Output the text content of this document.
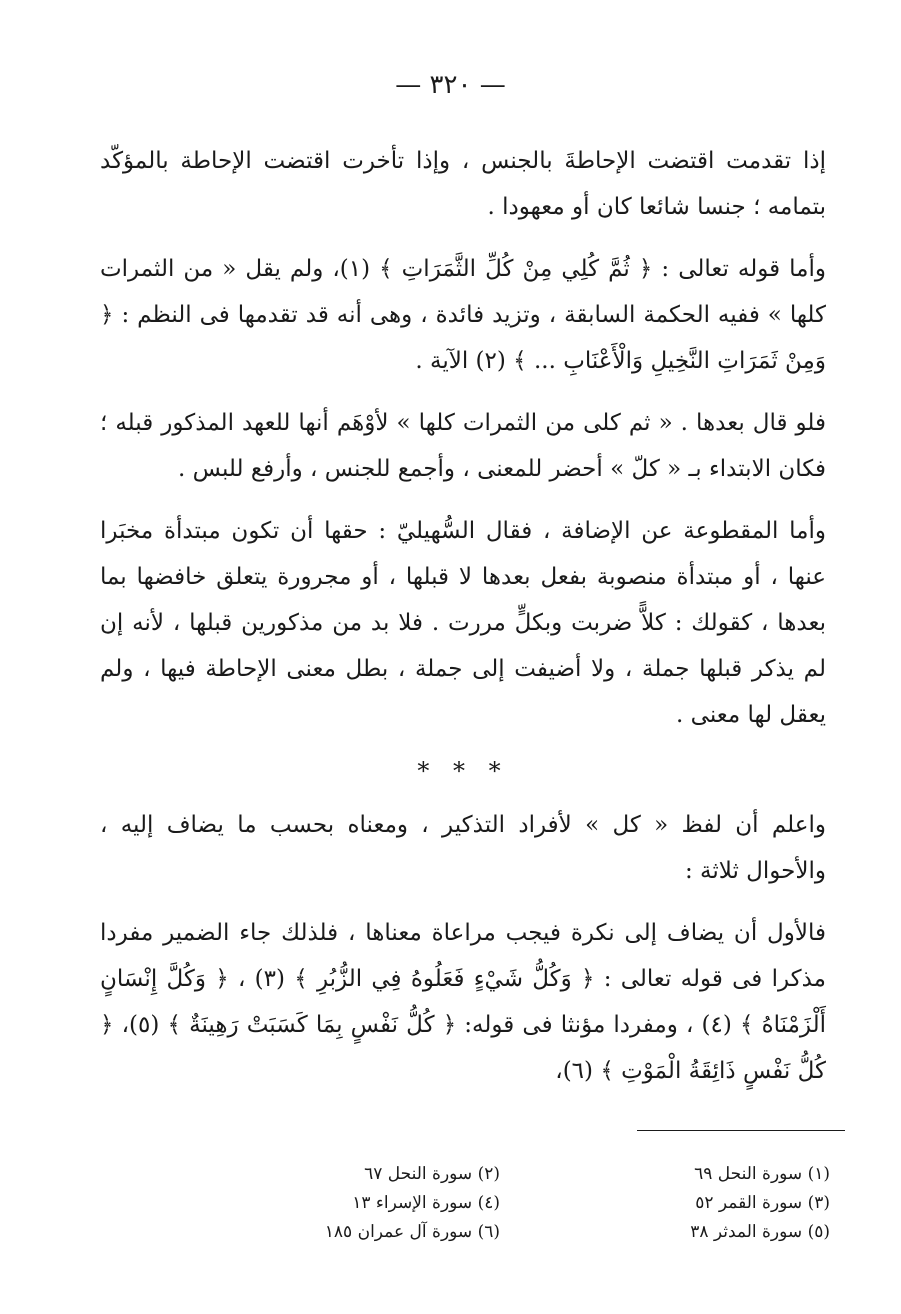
— ٣٢٠ —

إذا تقدمت اقتضت الإحاطةَ بالجنس ، وإذا تأخرت اقتضت الإحاطة بالمؤكّد بتمامه ؛ جنسا شائعا كان أو معهودا .

وأما قوله تعالى : ﴿ ثُمَّ كُلِي مِنْ كُلِّ الثَّمَرَاتِ ﴾ (١)، ولم يقل « من الثمرات كلها » ففيه الحكمة السابقة ، وتزيد فائدة ، وهى أنه قد تقدمها فى النظم : ﴿ وَمِنْ ثَمَرَاتِ النَّخِيلِ وَالْأَعْنَابِ ... ﴾ (٢) الآية .

فلو قال بعدها . « ثم كلى من الثمرات كلها » لأوْهَم أنها للعهد المذكور قبله ؛ فكان الابتداء بـ « كلّ » أحضر للمعنى ، وأجمع للجنس ، وأرفع للبس .

وأما المقطوعة عن الإضافة ، فقال السُّهيليّ : حقها أن تكون مبتدأة مخبَرا عنها ، أو مبتدأة منصوبة بفعل بعدها لا قبلها ، أو مجرورة يتعلق خافضها بما بعدها ، كقولك : كلاًّ ضربت وبكلٍّ مررت . فلا بد من مذكورين قبلها ، لأنه إن لم يذكر قبلها جملة ، ولا أضيفت إلى جملة ، بطل معنى الإحاطة فيها ، ولم يعقل لها معنى .

* * *

واعلم أن لفظ « كل » لأفراد التذكير ، ومعناه بحسب ما يضاف إليه ، والأحوال ثلاثة :

فالأول أن يضاف إلى نكرة فيجب مراعاة معناها ، فلذلك جاء الضمير مفردا مذكرا فى قوله تعالى : ﴿ وَكُلُّ شَيْءٍ فَعَلُوهُ فِي الزُّبُرِ ﴾ (٣) ، ﴿ وَكُلَّ إِنْسَانٍ أَلْزَمْنَاهُ ﴾ (٤) ، ومفردا مؤنثا فى قوله: ﴿ كُلُّ نَفْسٍ بِمَا كَسَبَتْ رَهِينَةٌ ﴾ (٥)، ﴿ كُلُّ نَفْسٍ ذَائِقَةُ الْمَوْتِ ﴾ (٦)،

(١) سورة النحل ٦٩
(٢) سورة النحل ٦٧
(٣) سورة القمر ٥٢
(٤) سورة الإسراء ١٣
(٥) سورة المدثر ٣٨
(٦) سورة آل عمران ١٨٥
